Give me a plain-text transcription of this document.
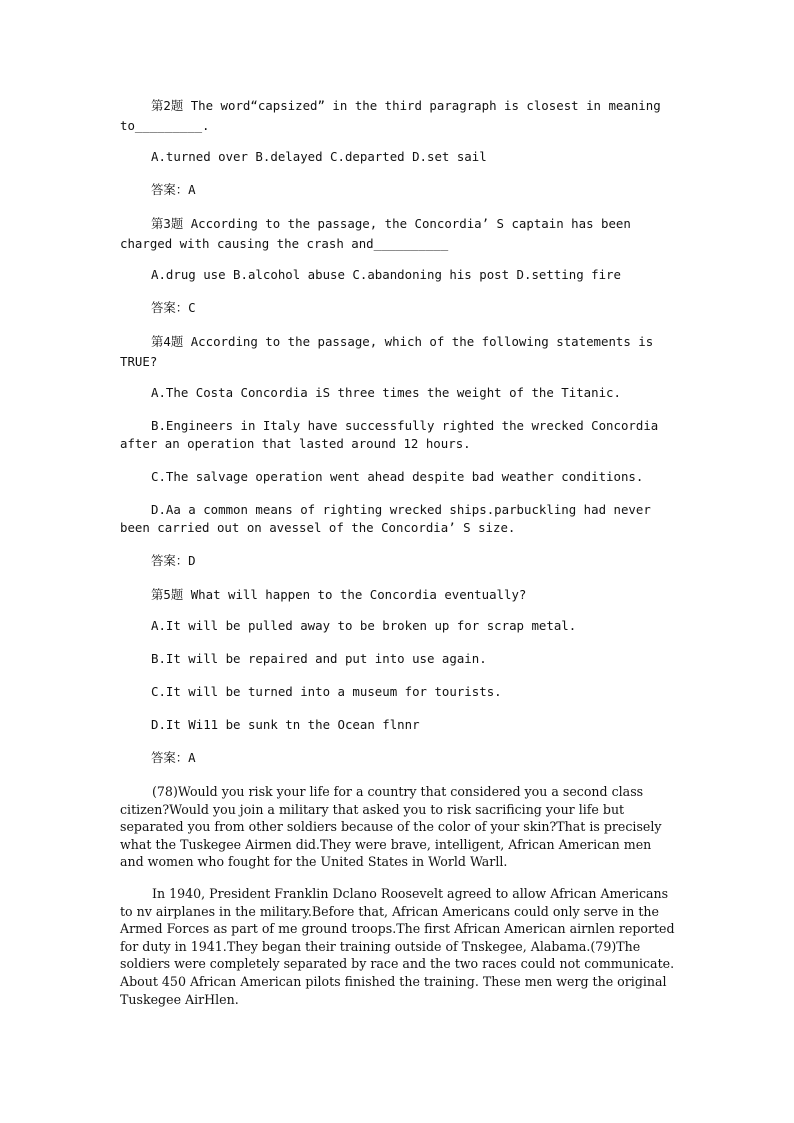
第2题 The word“capsized” in the third paragraph is closest in meaning to_________.

A.turned over B.delayed C.departed D.set sail

答案：A

第3题 According to the passage, the Concordia’ S captain has been charged with causing the crash and__________

A.drug use B.alcohol abuse C.abandoning his post D.setting fire

答案：C

第4题 According to the passage, which of the following statements is TRUE?

A.The Costa Concordia iS three times the weight of the Titanic.

B.Engineers in Italy have successfully righted the wrecked Concordia after an operation that lasted around 12 hours.

C.The salvage operation went ahead despite bad weather conditions.

D.Aa a common means of righting wrecked ships.parbuckling had never been carried out on avessel of the Concordia’ S size.

答案：D

第5题 What will happen to the Concordia eventually?

A.It will be pulled away to be broken up for scrap metal.

B.It will be repaired and put into use again.

C.It will be turned into a museum for tourists.

D.It Wi11 be sunk tn the Ocean flnnr

答案：A

(78)Would you risk your life for a country that considered you a second class citizen?Would you join a military that asked you to risk sacrificing your life but separated you from other soldiers because of the color of your skin?That is precisely what the Tuskegee Airmen did.They were brave, intelligent, African American men and women who fought for the United States in World Warll.

In 1940, President Franklin Dclano Roosevelt agreed to allow African Americans to nv airplanes in the military.Before that, African Americans could only serve in the Armed Forces as part of me ground troops.The first African American airnlen reported for duty in 1941.They began their training outside of Tnskegee, Alabama.(79)The soldiers were completely separated by race and the two races could not communicate. About 450 African American pilots finished the training. These men werg the original Tuskegee AirHlen.
